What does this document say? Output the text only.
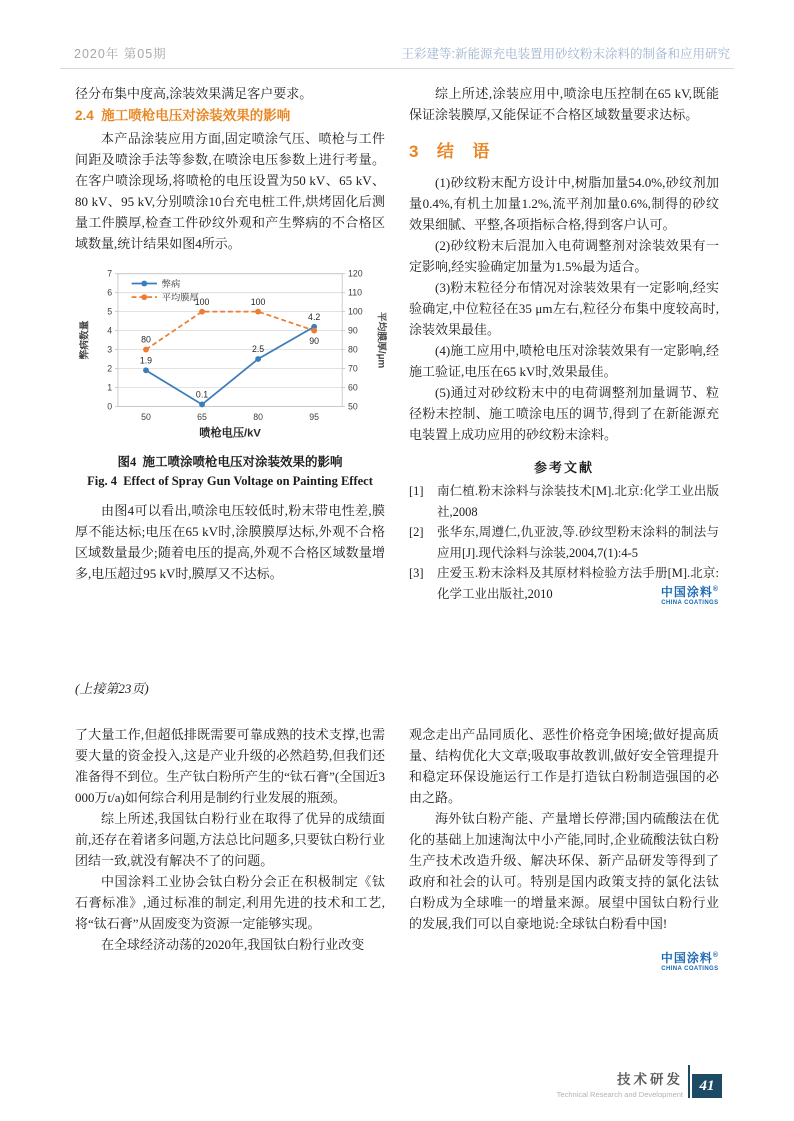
2020年 第05期	王彩建等:新能源充电装置用砂纹粉末涂料的制备和应用研究

径分布集中度高,涂装效果满足客户要求。

2.4  施工喷枪电压对涂装效果的影响

本产品涂装应用方面,固定喷涂气压、喷枪与工件间距及喷涂手法等参数,在喷涂电压参数上进行考量。在客户喷涂现场,将喷枪的电压设置为50 kV、65 kV、80 kV、95 kV,分别喷涂10台充电桩工件,烘烤固化后测量工件膜厚,检查工件砂纹外观和产生弊病的不合格区域数量,统计结果如图4所示。

0	50
1	60
2	70
3	80
4	90
5	100
6	110
7	120
50	65	80	95
喷枪电压/kV
弊病数量	平均膜厚/μm
1.9
0.1
2.5
4.2
80
100	100
90
弊病
平均膜厚
图4  施工喷涂喷枪电压对涂装效果的影响
Fig. 4  Effect of Spray Gun Voltage on Painting Effect

由图4可以看出,喷涂电压较低时,粉末带电性差,膜厚不能达标;电压在65 kV时,涂膜膜厚达标,外观不合格区域数量最少;随着电压的提高,外观不合格区域数量增多,电压超过95 kV时,膜厚又不达标。

综上所述,涂装应用中,喷涂电压控制在65 kV,既能保证涂装膜厚,又能保证不合格区域数量要求达标。

3  结  语

(1)砂纹粉末配方设计中,树脂加量54.0%,砂纹剂加量0.4%,有机土加量1.2%,流平剂加量0.6%,制得的砂纹效果细腻、平整,各项指标合格,得到客户认可。

(2)砂纹粉末后混加入电荷调整剂对涂装效果有一定影响,经实验确定加量为1.5%最为适合。

(3)粉末粒径分布情况对涂装效果有一定影响,经实验确定,中位粒径在35 μm左右,粒径分布集中度较高时,涂装效果最佳。

(4)施工应用中,喷枪电压对涂装效果有一定影响,经施工验证,电压在65 kV时,效果最佳。

(5)通过对砂纹粉末中的电荷调整剂加量调节、粒径粉末控制、施工喷涂电压的调节,得到了在新能源充电装置上成功应用的砂纹粉末涂料。

参考文献
[1]	南仁植.粉末涂料与涂装技术[M].北京:化学工业出版社,2008
[2]	张华东,周遵仁,仇亚波,等.砂纹型粉末涂料的制法与应用[J].现代涂料与涂装,2004,7(1):4-5
[3]	庄爱玉.粉末涂料及其原材料检验方法手册[M].北京:化学工业出版社,2010	中国涂料®
CHINA COATINGS
(上接第23页)

了大量工作,但超低排既需要可靠成熟的技术支撑,也需要大量的资金投入,这是产业升级的必然趋势,但我们还准备得不到位。生产钛白粉所产生的“钛石膏”(全国近3 000万t/a)如何综合利用是制约行业发展的瓶颈。

综上所述,我国钛白粉行业在取得了优异的成绩面前,还存在着诸多问题,方法总比问题多,只要钛白粉行业团结一致,就没有解决不了的问题。

中国涂料工业协会钛白粉分会正在积极制定《钛石膏标准》,通过标准的制定,利用先进的技术和工艺,将“钛石膏”从固废变为资源一定能够实现。

在全球经济动荡的2020年,我国钛白粉行业改变

观念走出产品同质化、恶性价格竞争困境;做好提高质量、结构优化大文章;吸取事故教训,做好安全管理提升和稳定环保设施运行工作是打造钛白粉制造强国的必由之路。

海外钛白粉产能、产量增长停滞;国内硫酸法在优化的基础上加速淘汰中小产能,同时,企业硫酸法钛白粉生产技术改造升级、解决环保、新产品研发等得到了政府和社会的认可。特别是国内政策支持的氯化法钛白粉成为全球唯一的增量来源。展望中国钛白粉行业的发展,我们可以自豪地说:全球钛白粉看中国!

中国涂料®
CHINA COATINGS
技术研发
Technical Research and Development
41
